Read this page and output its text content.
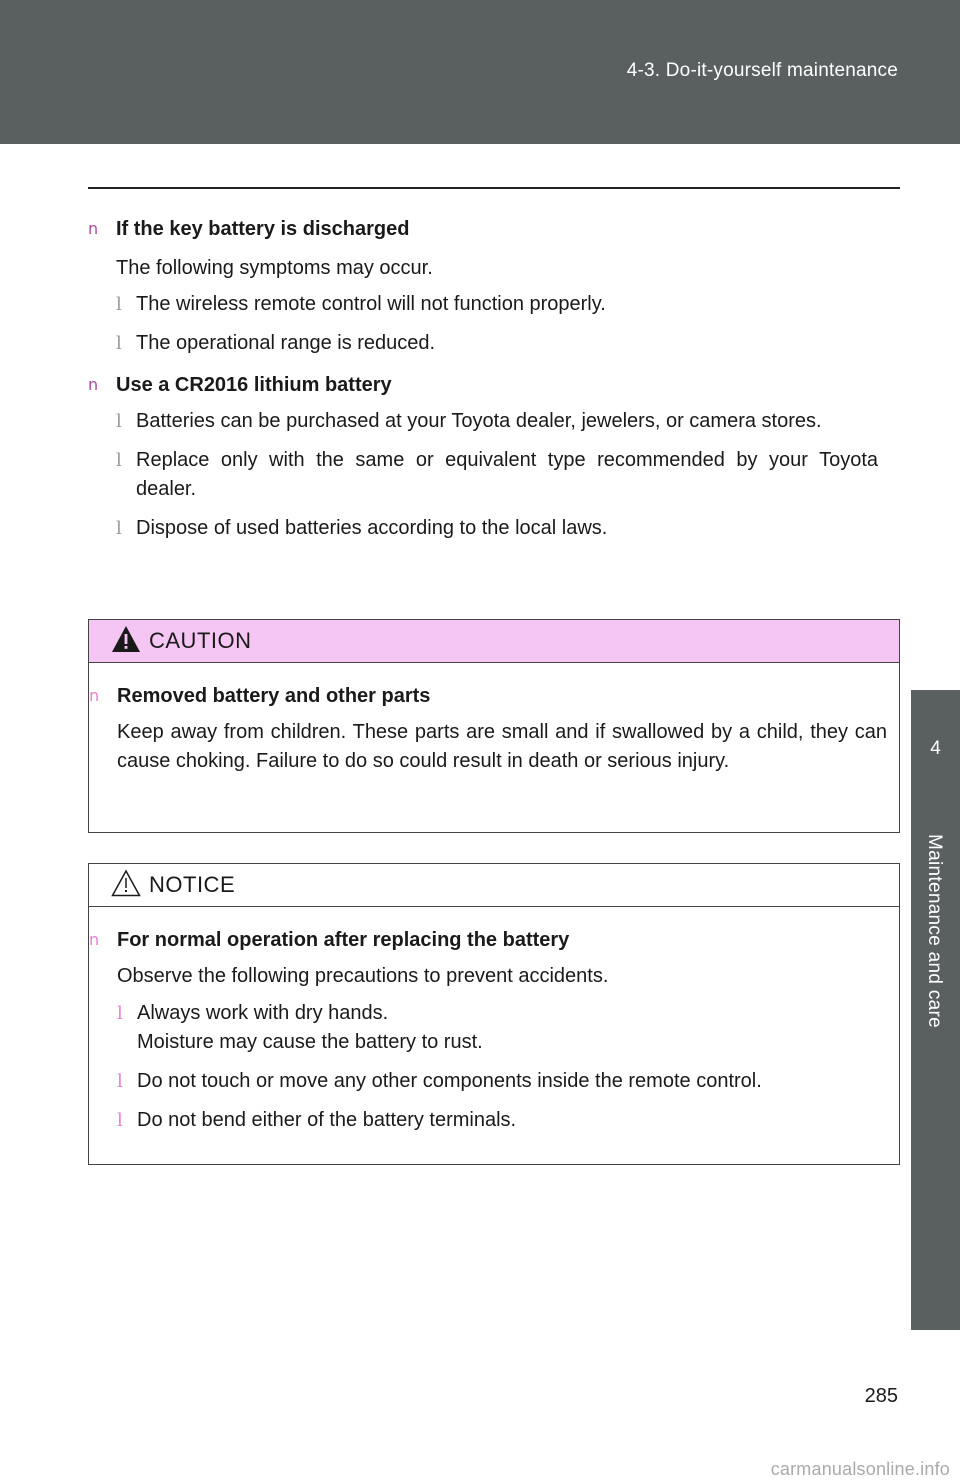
4-3. Do-it-yourself maintenance
4
Maintenance and care
n If the key battery is discharged
The following symptoms may occur.
l The wireless remote control will not function properly.
l The operational range is reduced.
n Use a CR2016 lithium battery
l Batteries can be purchased at your Toyota dealer, jewelers, or camera stores.
l Replace only with the same or equivalent type recommended by your Toyota dealer.
l Dispose of used batteries according to the local laws.
CAUTION
n Removed battery and other parts
Keep away from children. These parts are small and if swallowed by a child, they can cause choking. Failure to do so could result in death or serious injury.
NOTICE
n For normal operation after replacing the battery
Observe the following precautions to prevent accidents.
l Always work with dry hands.
Moisture may cause the battery to rust.
l Do not touch or move any other components inside the remote control.
l Do not bend either of the battery terminals.
285
carmanualsonline.info
